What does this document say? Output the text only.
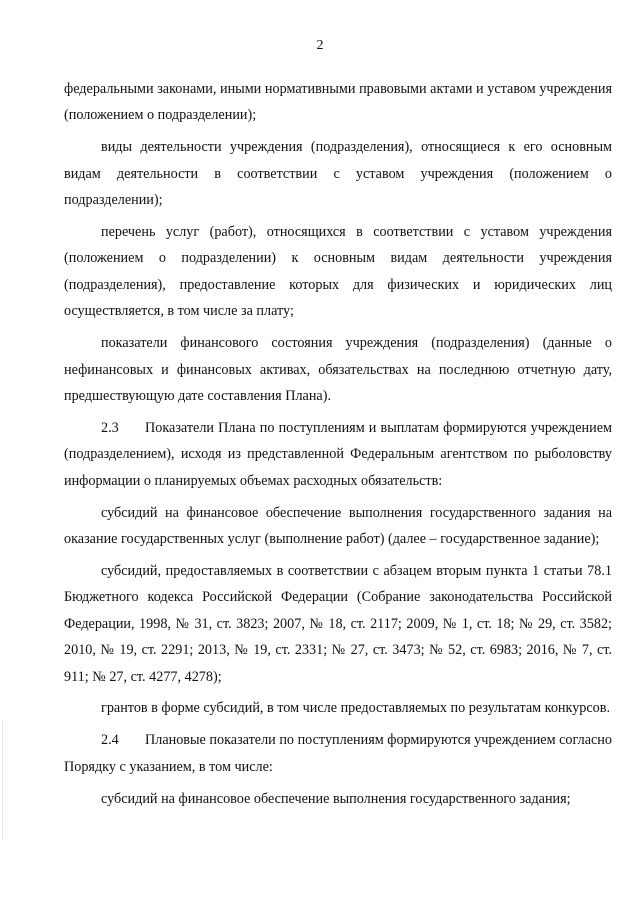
2

федеральными законами, иными нормативными правовыми актами и уставом учреждения (положением о подразделении);

виды деятельности учреждения (подразделения), относящиеся к его основным видам деятельности в соответствии с уставом учреждения (положением о подразделении);

перечень услуг (работ), относящихся в соответствии с уставом учреждения (положением о подразделении) к основным видам деятельности учреждения (подразделения), предоставление которых для физических и юридических лиц осуществляется, в том числе за плату;

показатели финансового состояния учреждения (подразделения) (данные о нефинансовых и финансовых активах, обязательствах на последнюю отчетную дату, предшествующую дате составления Плана).

2.3 Показатели Плана по поступлениям и выплатам формируются учреждением (подразделением), исходя из представленной Федеральным агентством по рыболовству информации о планируемых объемах расходных обязательств:

субсидий на финансовое обеспечение выполнения государственного задания на оказание государственных услуг (выполнение работ) (далее – государственное задание);

субсидий, предоставляемых в соответствии с абзацем вторым пункта 1 статьи 78.1 Бюджетного кодекса Российской Федерации (Собрание законодательства Российской Федерации, 1998, № 31, ст. 3823; 2007, № 18, ст. 2117; 2009, № 1, ст. 18; № 29, ст. 3582; 2010, № 19, ст. 2291; 2013, № 19, ст. 2331; № 27, ст. 3473; № 52, ст. 6983; 2016, № 7, ст. 911; № 27, ст. 4277, 4278);

грантов в форме субсидий, в том числе предоставляемых по результатам конкурсов.

2.4 Плановые показатели по поступлениям формируются учреждением согласно Порядку с указанием, в том числе:

субсидий на финансовое обеспечение выполнения государственного задания;
